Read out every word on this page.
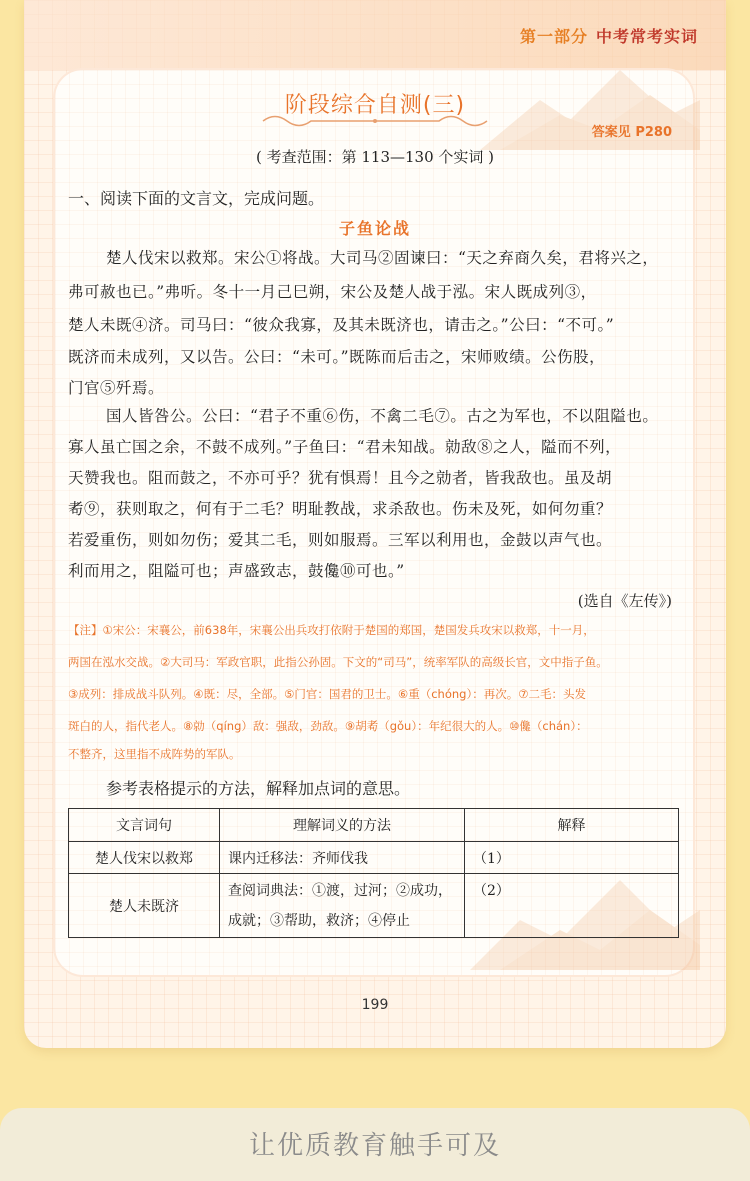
第一部分 中考常考实词
阶段综合自测(三)
答案见 P280
( 考查范围：第 113—130 个实词 )
一、阅读下面的文言文，完成问题。
子鱼论战
楚人伐宋以救郑。宋公①将战。大司马②固谏曰：“天之弃商久矣，君将兴之，
弗可赦也已。”弗听。冬十一月己巳朔，宋公及楚人战于泓。宋人既成列③，
楚人未既④济。司马曰：“彼众我寡，及其未既济也，请击之。”公曰：“不可。”
既济而未成列，又以告。公曰：“未可。”既陈而后击之，宋师败绩。公伤股，
门官⑤歼焉。
国人皆咎公。公曰：“君子不重⑥伤，不禽二毛⑦。古之为军也，不以阻隘也。
寡人虽亡国之余，不鼓不成列。”子鱼曰：“君未知战。勍敌⑧之人，隘而不列，
天赞我也。阻而鼓之，不亦可乎？犹有惧焉！且今之勍者，皆我敌也。虽及胡
耇⑨，获则取之，何有于二毛？明耻教战，求杀敌也。伤未及死，如何勿重？
若爱重伤，则如勿伤；爱其二毛，则如服焉。三军以利用也，金鼓以声气也。
利而用之，阻隘可也；声盛致志，鼓儳⑩可也。”
(选自《左传》)
【注】①宋公：宋襄公，前638年，宋襄公出兵攻打依附于楚国的郑国，楚国发兵攻宋以救郑，十一月，
两国在泓水交战。②大司马：军政官职，此指公孙固。下文的“司马”，统率军队的高级长官，文中指子鱼。
③成列：排成战斗队列。④既：尽，全部。⑤门官：国君的卫士。⑥重（chóng）：再次。⑦二毛：头发
斑白的人，指代老人。⑧勍（qíng）敌：强敌，劲敌。⑨胡耇（gǒu）：年纪很大的人。⑩儳（chán）：
不整齐，这里指不成阵势的军队。
参考表格提示的方法，解释加点词的意思。
文言词句	理解词义的方法	解释
楚人伐宋以救郑	课内迁移法：齐师伐我	（1）
楚人未既济	查阅词典法：①渡，过河；②成功，成就；③帮助，救济；④停止	（2）
199
让优质教育触手可及
